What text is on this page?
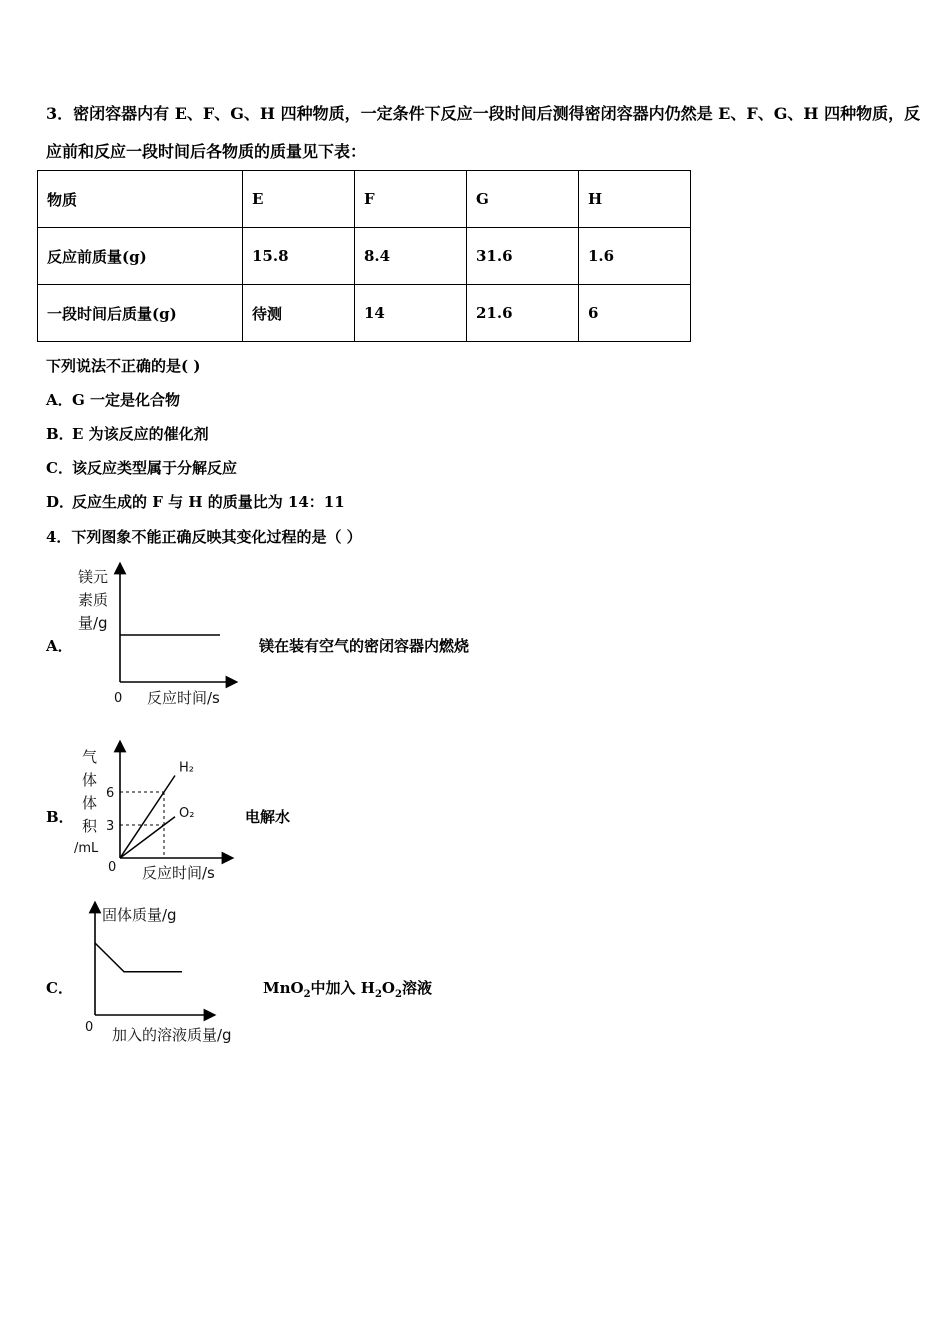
3．密闭容器内有 E、F、G、H 四种物质，一定条件下反应一段时间后测得密闭容器内仍然是 E、F、G、H 四种物质，反
应前和反应一段时间后各物质的质量见下表：
物质	E	F	G	H
反应前质量(g)	15.8	8.4	31.6	1.6
一段时间后质量(g)	待测	14	21.6	6
下列说法不正确的是( )
A．G 一定是化合物
B．E 为该反应的催化剂
C．该反应类型属于分解反应
D．反应生成的 F 与 H 的质量比为 14：11
4．下列图象不能正确反映其变化过程的是（ ）
A．
镁元
素质
量/g
0 反应时间/s
镁在装有空气的密闭容器内燃烧
B．
气
体
体
积
/mL
0 反应时间/s
3
6
H₂
O₂	电解水
C．
固体质量/g
0 加入的溶液质量/g
MnO$_2$中加入 $H_2O_2$溶液
